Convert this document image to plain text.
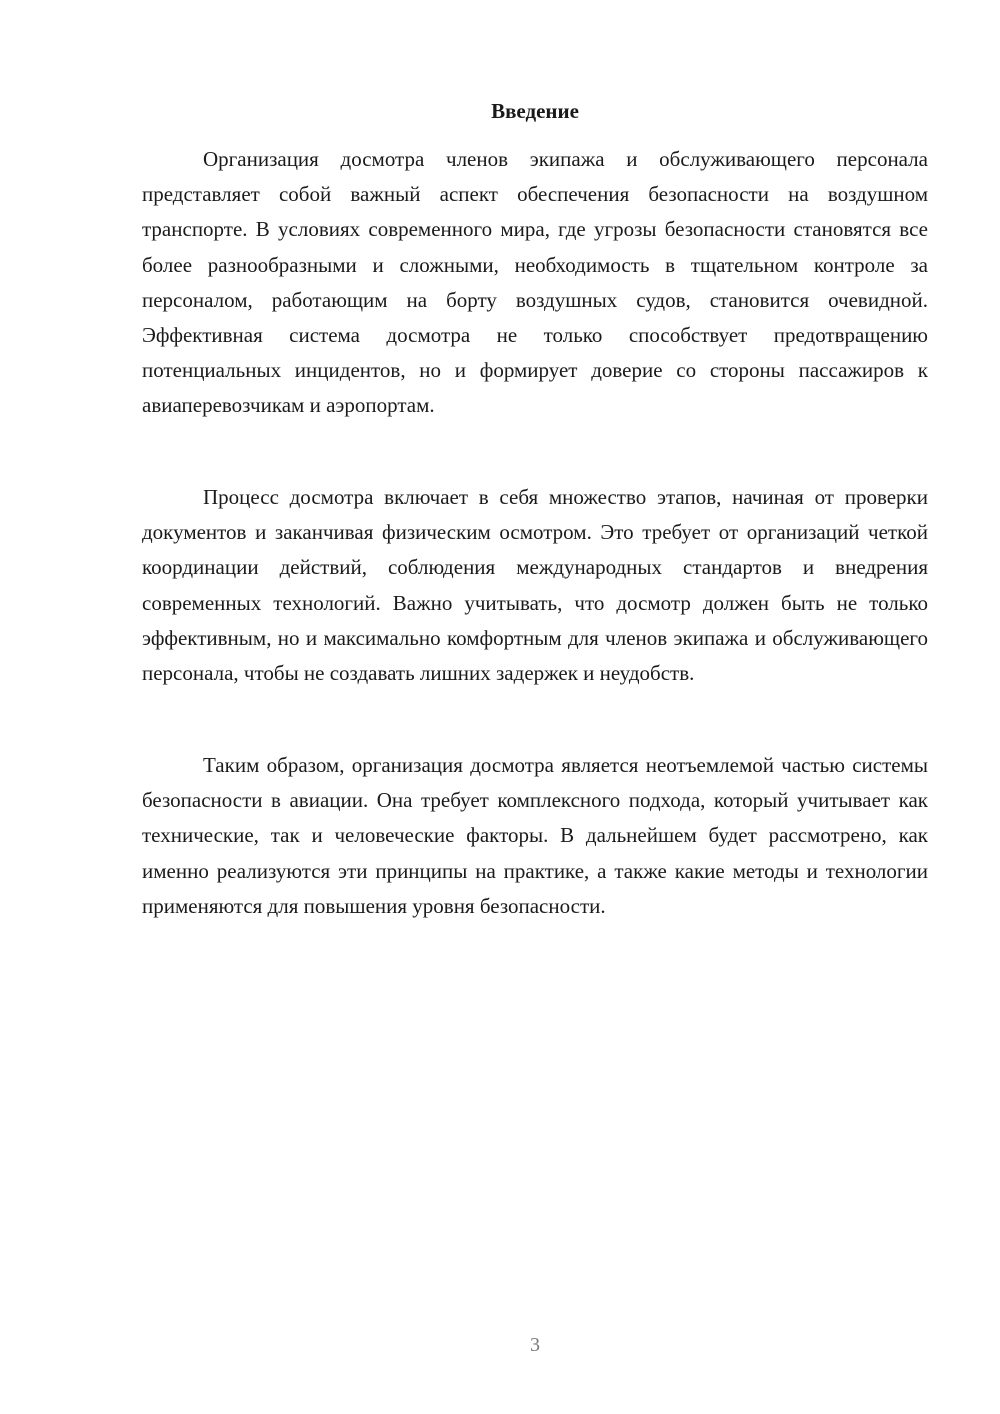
Введение

Организация досмотра членов экипажа и обслуживающего персонала представляет собой важный аспект обеспечения безопасности на воздушном транспорте. В условиях современного мира, где угрозы безопасности становятся все более разнообразными и сложными, необходимость в тщательном контроле за персоналом, работающим на борту воздушных судов, становится очевидной. Эффективная система досмотра не только способствует предотвращению потенциальных инцидентов, но и формирует доверие со стороны пассажиров к авиаперевозчикам и аэропортам.

Процесс досмотра включает в себя множество этапов, начиная от проверки документов и заканчивая физическим осмотром. Это требует от организаций четкой координации действий, соблюдения международных стандартов и внедрения современных технологий. Важно учитывать, что досмотр должен быть не только эффективным, но и максимально комфортным для членов экипажа и обслуживающего персонала, чтобы не создавать лишних задержек и неудобств.

Таким образом, организация досмотра является неотъемлемой частью системы безопасности в авиации. Она требует комплексного подхода, который учитывает как технические, так и человеческие факторы. В дальнейшем будет рассмотрено, как именно реализуются эти принципы на практике, а также какие методы и технологии применяются для повышения уровня безопасности.

3
